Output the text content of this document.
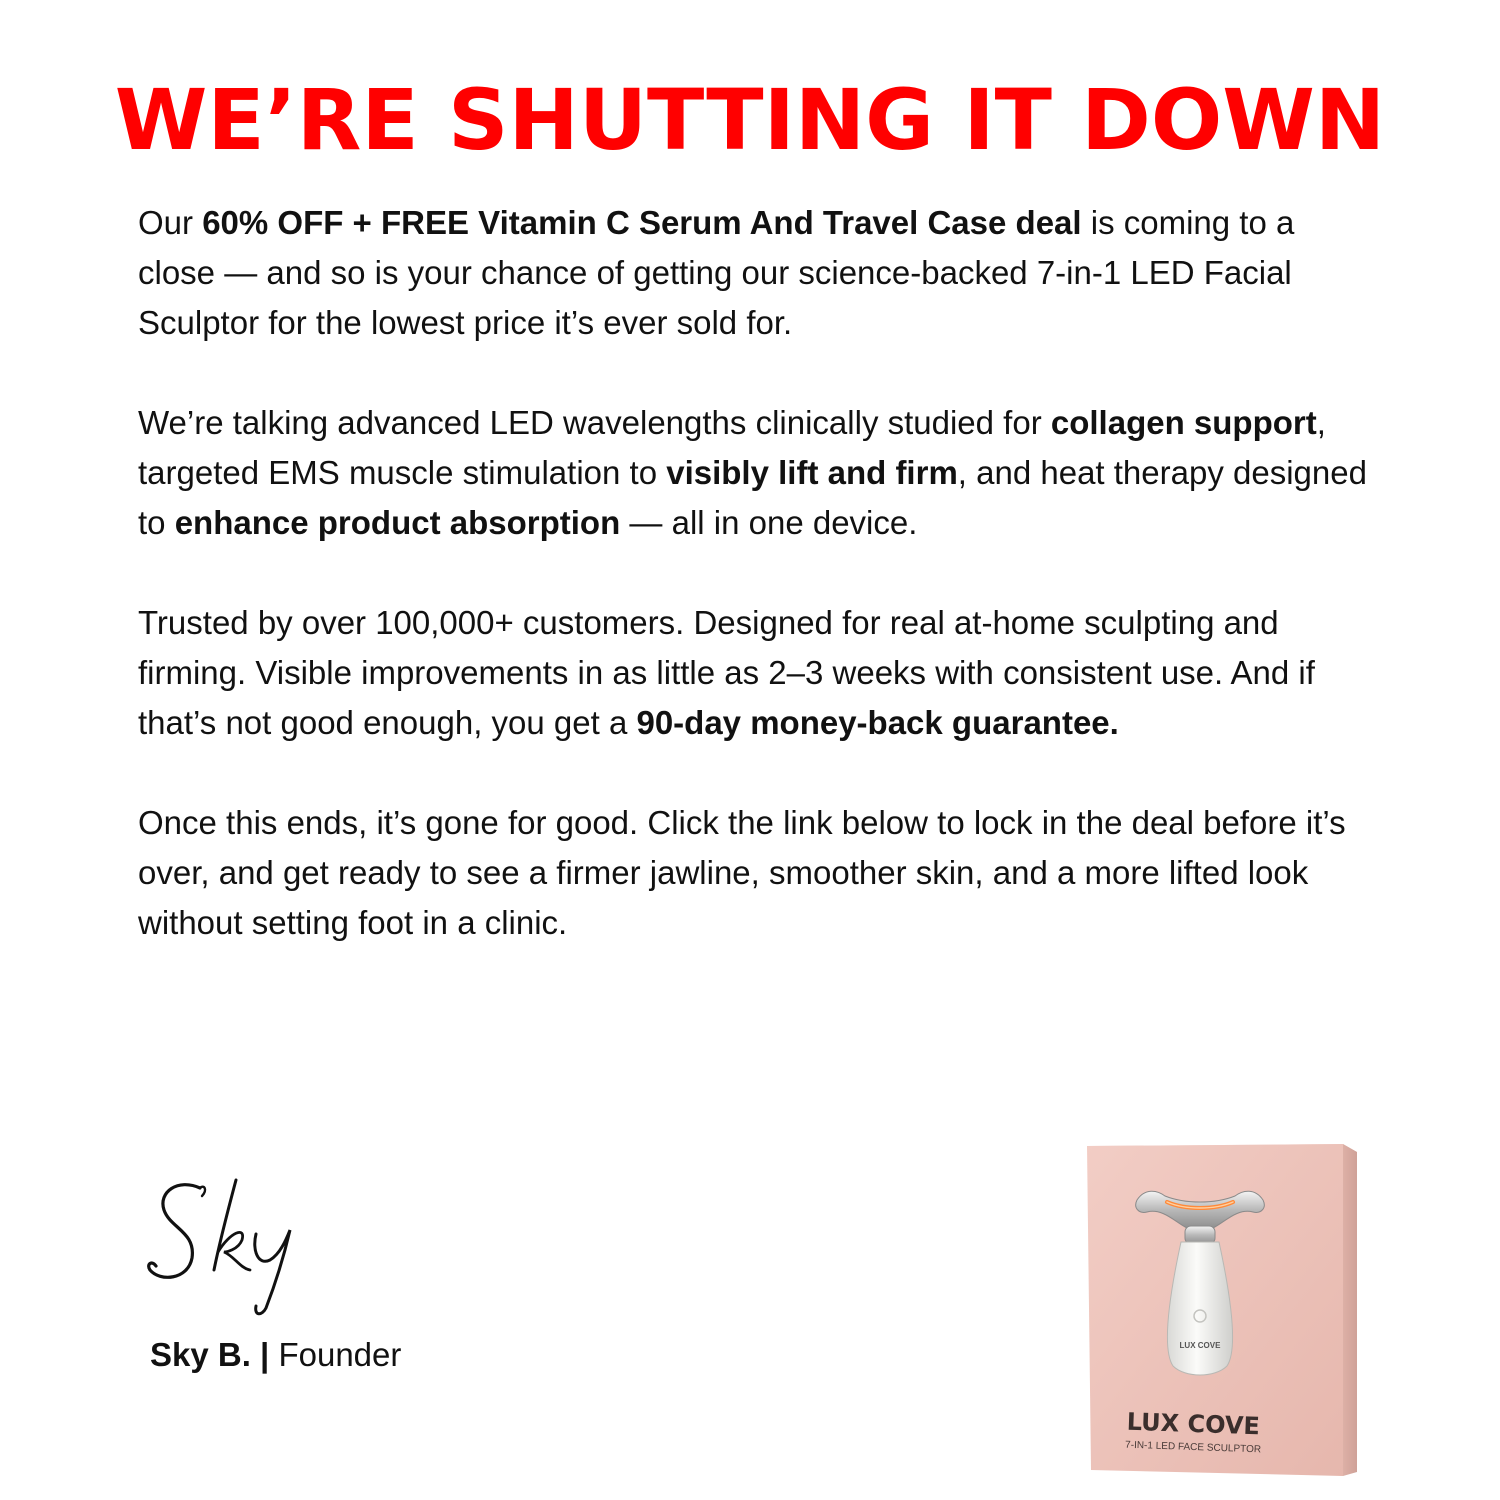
WE’RE SHUTTING IT DOWN

Our 60% OFF + FREE Vitamin C Serum And Travel Case deal is coming to a close — and so is your chance of getting our science-backed 7-in-1 LED Facial Sculptor for the lowest price it’s ever sold for.

We’re talking advanced LED wavelengths clinically studied for collagen support, targeted EMS muscle stimulation to visibly lift and firm, and heat therapy designed to enhance product absorption — all in one device.

Trusted by over 100,000+ customers. Designed for real at-home sculpting and firming. Visible improvements in as little as 2–3 weeks with consistent use. And if that’s not good enough, you get a 90-day money-back guarantee.

Once this ends, it’s gone for good. Click the link below to lock in the deal before it’s over, and get ready to see a firmer jawline, smoother skin, and a more lifted look without setting foot in a clinic.

Sky B. | Founder	LUX COVE
LUX COVE
7-IN-1 LED FACE SCULPTOR
